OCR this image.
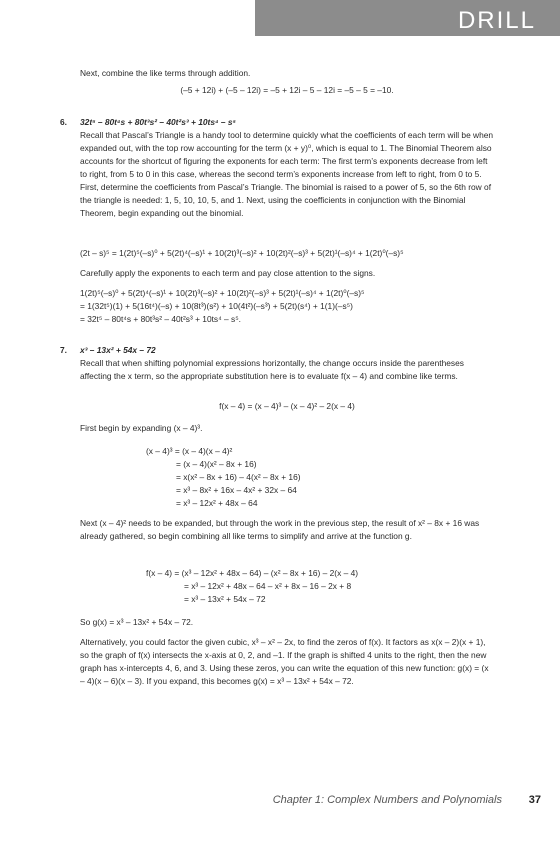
DRILL

Next, combine the like terms through addition.

(–5 + 12i) + (–5 – 12i) = –5 + 12i – 5 – 12i = –5 – 5 = –10.

6. 32t⁵ – 80t⁴s + 80t³s² – 40t²s³ + 10ts⁴ – s⁵

Recall that Pascal’s Triangle is a handy tool to determine quickly what the coefficients of each term will be when expanded out, with the top row accounting for the term (x + y)⁰, which is equal to 1. The Binomial Theorem also accounts for the shortcut of figuring the exponents for each term: The first term’s exponents decrease from left to right, from 5 to 0 in this case, whereas the second term’s exponents increase from left to right, from 0 to 5. First, determine the coefficients from Pascal’s Triangle. The binomial is raised to a power of 5, so the 6th row of the triangle is needed: 1, 5, 10, 10, 5, and 1. Next, using the coefficients in conjunction with the Binomial Theorem, begin expanding out the binomial.

(2t – s)⁵ = 1(2t)⁵(–s)⁰ + 5(2t)⁴(–s)¹ + 10(2t)³(–s)² + 10(2t)²(–s)³ + 5(2t)¹(–s)⁴ + 1(2t)⁰(–s)⁵

Carefully apply the exponents to each term and pay close attention to the signs.

1(2t)⁵(–s)⁰ + 5(2t)⁴(–s)¹ + 10(2t)³(–s)² + 10(2t)²(–s)³ + 5(2t)¹(–s)⁴ + 1(2t)⁰(–s)⁵

= 1(32t⁵)(1) + 5(16t⁴)(–s) + 10(8t³)(s²) + 10(4t²)(–s³) + 5(2t)(s⁴) + 1(1)(–s⁵)

= 32t⁵ – 80t⁴s + 80t³s² – 40t²s³ + 10ts⁴ – s⁵.

7. x³ – 13x² + 54x – 72

Recall that when shifting polynomial expressions horizontally, the change occurs inside the parentheses affecting the x term, so the appropriate substitution here is to evaluate f(x – 4) and combine like terms.

f(x – 4) = (x – 4)³ – (x – 4)² – 2(x – 4)

First begin by expanding (x – 4)³.

(x – 4)³ = (x – 4)(x – 4)²

= (x – 4)(x² – 8x + 16)

= x(x² – 8x + 16) – 4(x² – 8x + 16)

= x³ – 8x² + 16x – 4x² + 32x – 64

= x³ – 12x² + 48x – 64

Next (x – 4)² needs to be expanded, but through the work in the previous step, the result of x² – 8x + 16 was already gathered, so begin combining all like terms to simplify and arrive at the function g.

f(x – 4) = (x³ – 12x² + 48x – 64) – (x² – 8x + 16) – 2(x – 4)

= x³ – 12x² + 48x – 64 – x² + 8x – 16 – 2x + 8

= x³ – 13x² + 54x – 72

So g(x) = x³ – 13x² + 54x – 72.

Alternatively, you could factor the given cubic, x³ – x² – 2x, to find the zeros of f(x). It factors as x(x – 2)(x + 1), so the graph of f(x) intersects the x-axis at 0, 2, and –1. If the graph is shifted 4 units to the right, then the new graph has x-intercepts 4, 6, and 3. Using these zeros, you can write the equation of this new function: g(x) = (x – 4)(x – 6)(x – 3). If you expand, this becomes g(x) = x³ – 13x² + 54x – 72.

Chapter 1: Complex Numbers and Polynomials 37
